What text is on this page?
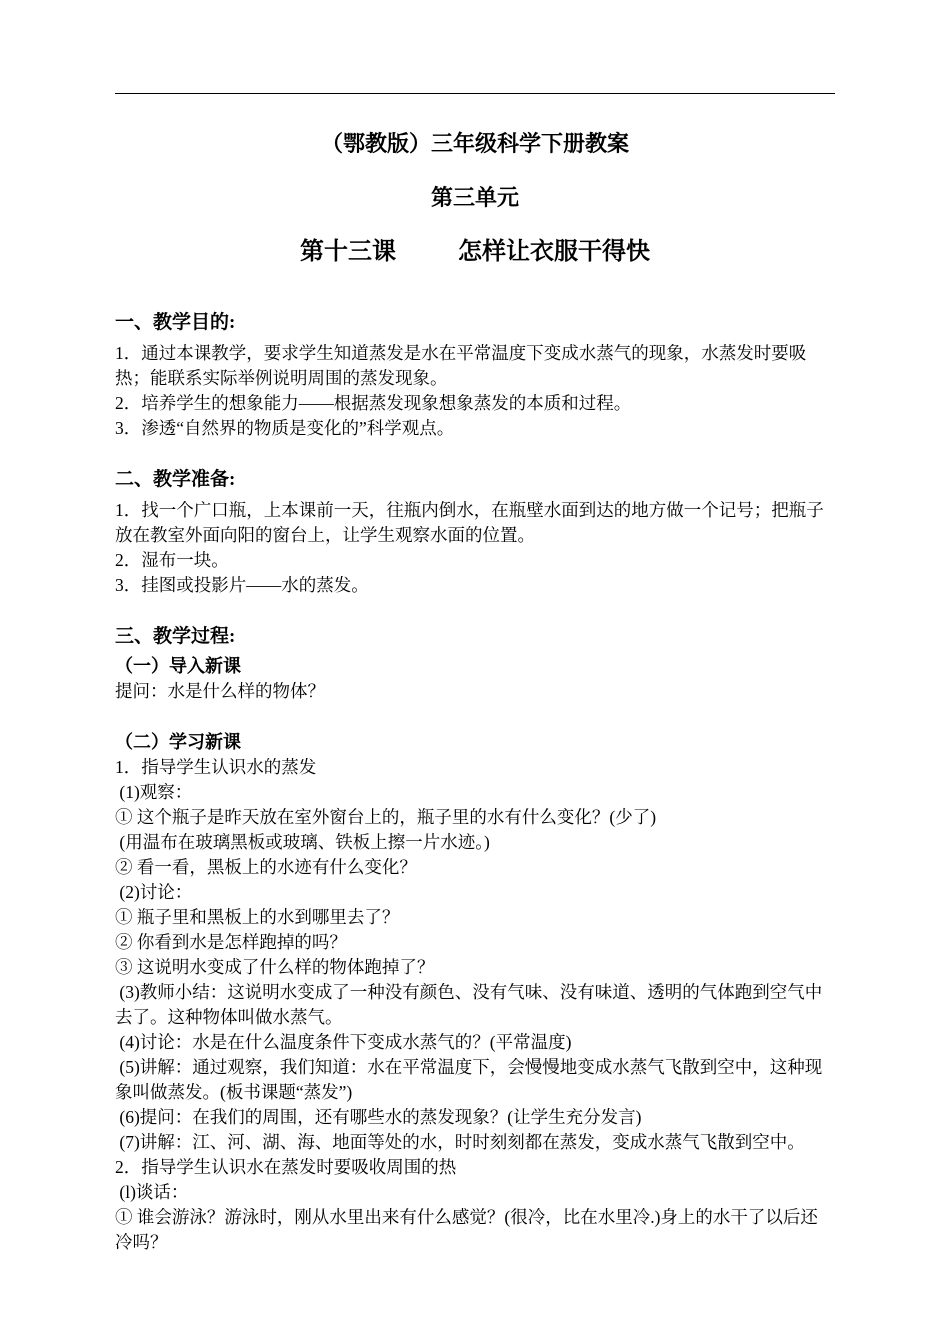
（鄂教版）三年级科学下册教案
第三单元
第十三课	怎样让衣服干得快
一、教学目的:

1．通过本课教学，要求学生知道蒸发是水在平常温度下变成水蒸气的现象，水蒸发时要吸热；能联系实际举例说明周围的蒸发现象。

2．培养学生的想象能力——根据蒸发现象想象蒸发的本质和过程。

3．渗透“自然界的物质是变化的”科学观点。

二、教学准备:

1．找一个广口瓶，上本课前一天，往瓶内倒水，在瓶壁水面到达的地方做一个记号；把瓶子放在教室外面向阳的窗台上，让学生观察水面的位置。

2．湿布一块。

3．挂图或投影片——水的蒸发。

三、教学过程:
（一）导入新课

提问：水是什么样的物体？

（二）学习新课

1．指导学生认识水的蒸发

(1)观察：

① 这个瓶子是昨天放在室外窗台上的，瓶子里的水有什么变化？(少了)

(用温布在玻璃黑板或玻璃、铁板上擦一片水迹。)

② 看一看，黑板上的水迹有什么变化？

(2)讨论：

① 瓶子里和黑板上的水到哪里去了？

② 你看到水是怎样跑掉的吗？

③ 这说明水变成了什么样的物体跑掉了？

(3)教师小结：这说明水变成了一种没有颜色、没有气味、没有味道、透明的气体跑到空气中去了。这种物体叫做水蒸气。

(4)讨论：水是在什么温度条件下变成水蒸气的？(平常温度)

(5)讲解：通过观察，我们知道：水在平常温度下，会慢慢地变成水蒸气飞散到空中，这种现象叫做蒸发。(板书课题“蒸发”)

(6)提问：在我们的周围，还有哪些水的蒸发现象？(让学生充分发言)

(7)讲解：江、河、湖、海、地面等处的水，时时刻刻都在蒸发，变成水蒸气飞散到空中。

2．指导学生认识水在蒸发时要吸收周围的热

(l)谈话：

① 谁会游泳？游泳时，刚从水里出来有什么感觉？(很冷，比在水里冷.)身上的水干了以后还冷吗？
